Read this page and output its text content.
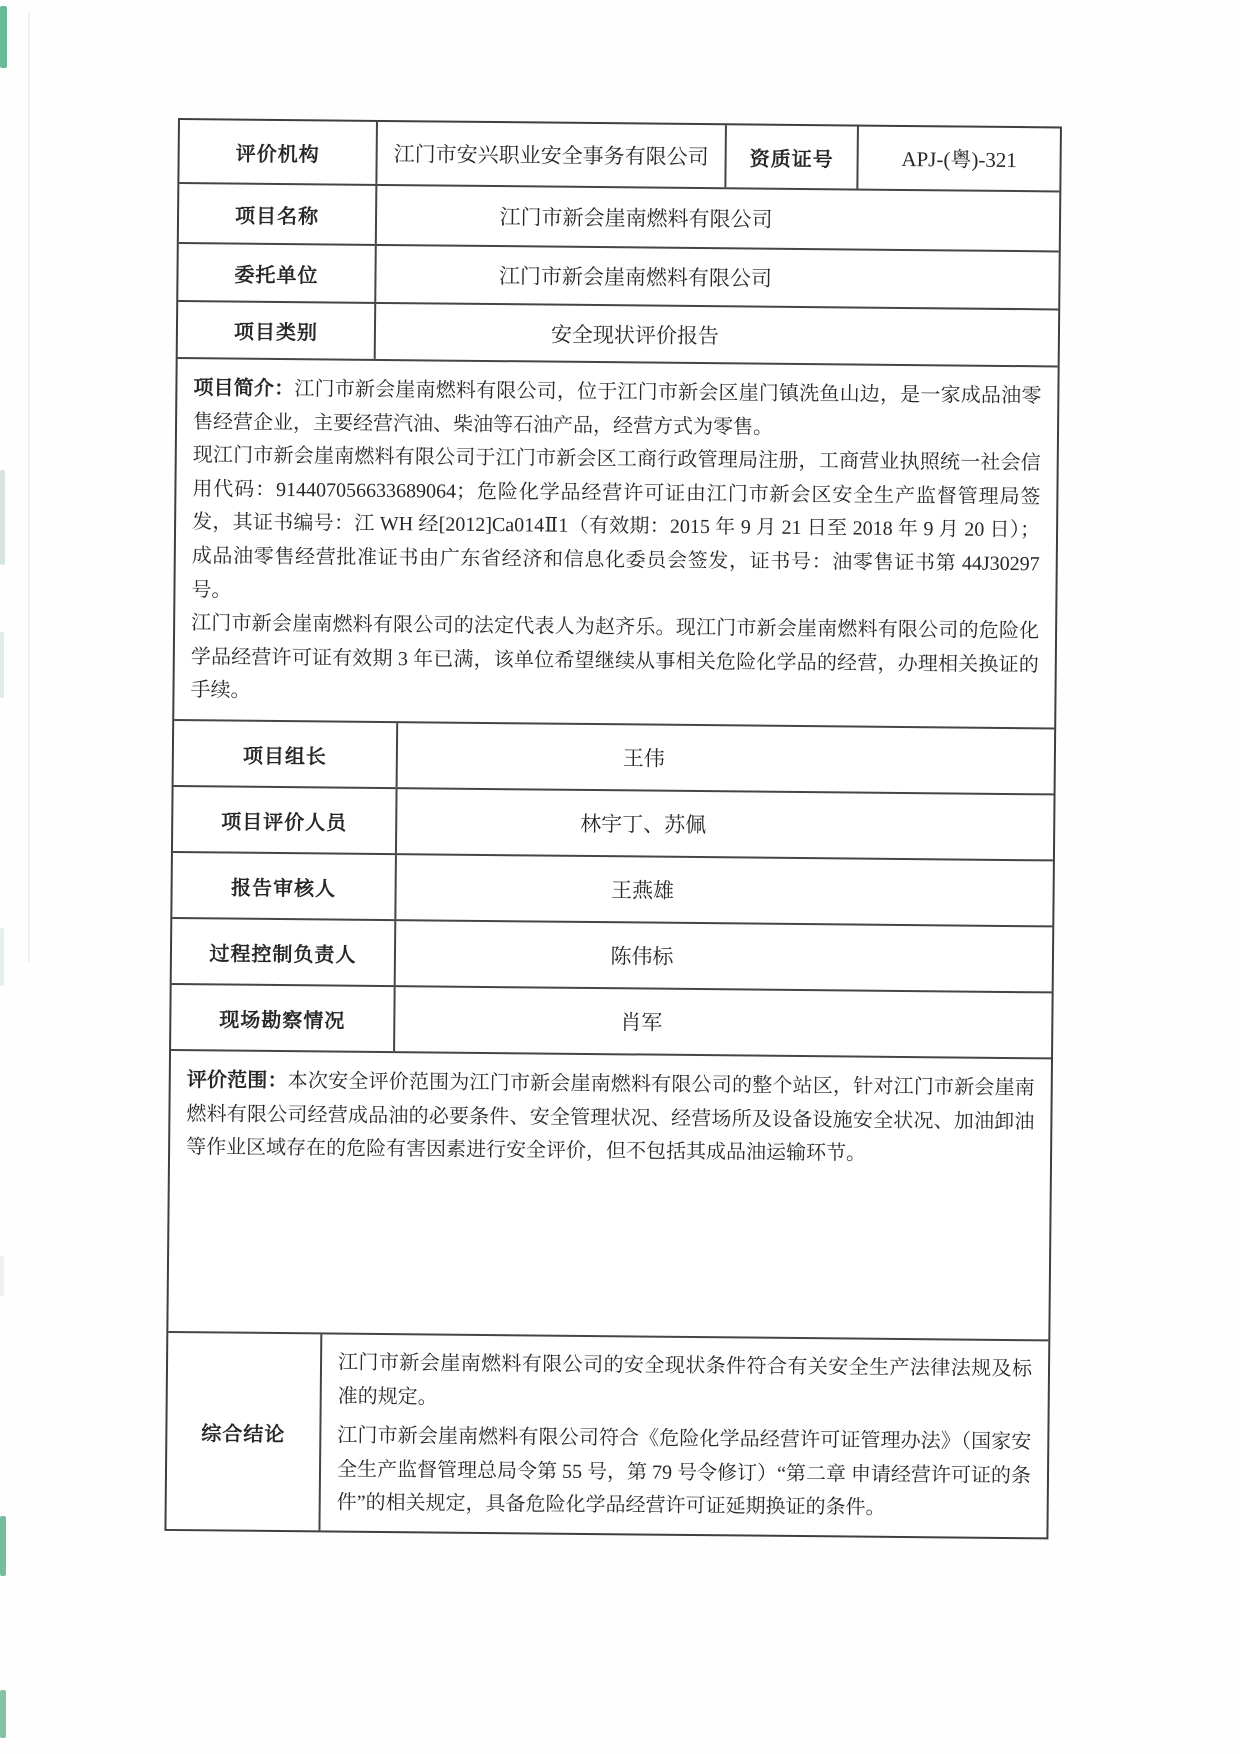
评价机构	江门市安兴职业安全事务有限公司 资质证号	APJ-(粤)-321
项目名称	江门市新会崖南燃料有限公司
委托单位	江门市新会崖南燃料有限公司
项目类别	安全现状评价报告

项目简介：江门市新会崖南燃料有限公司，位于江门市新会区崖门镇洗鱼山边，是一家成品油零售经营企业，主要经营汽油、柴油等石油产品，经营方式为零售。

现江门市新会崖南燃料有限公司于江门市新会区工商行政管理局注册，工商营业执照统一社会信用代码：914407056633689064；危险化学品经营许可证由江门市新会区安全生产监督管理局签发，其证书编号：江 WH 经[2012]Ca014Ⅱ1（有效期：2015 年 9 月 21 日至 2018 年 9 月 20 日）；成品油零售经营批准证书由广东省经济和信息化委员会签发，证书号：油零售证书第 44J30297 号。

江门市新会崖南燃料有限公司的法定代表人为赵齐乐。现江门市新会崖南燃料有限公司的危险化学品经营许可证有效期 3 年已满，该单位希望继续从事相关危险化学品的经营，办理相关换证的手续。

项目组长	王伟
项目评价人员	林宇丁、苏佩
报告审核人	王燕雄
过程控制负责人	陈伟标
现场勘察情况	肖军

评价范围：本次安全评价范围为江门市新会崖南燃料有限公司的整个站区，针对江门市新会崖南燃料有限公司经营成品油的必要条件、安全管理状况、经营场所及设备设施安全状况、加油卸油等作业区域存在的危险有害因素进行安全评价，但不包括其成品油运输环节。

综合结论

江门市新会崖南燃料有限公司的安全现状条件符合有关安全生产法律法规及标准的规定。

江门市新会崖南燃料有限公司符合《危险化学品经营许可证管理办法》（国家安全生产监督管理总局令第 55 号，第 79 号令修订）“第二章 申请经营许可证的条件”的相关规定，具备危险化学品经营许可证延期换证的条件。
